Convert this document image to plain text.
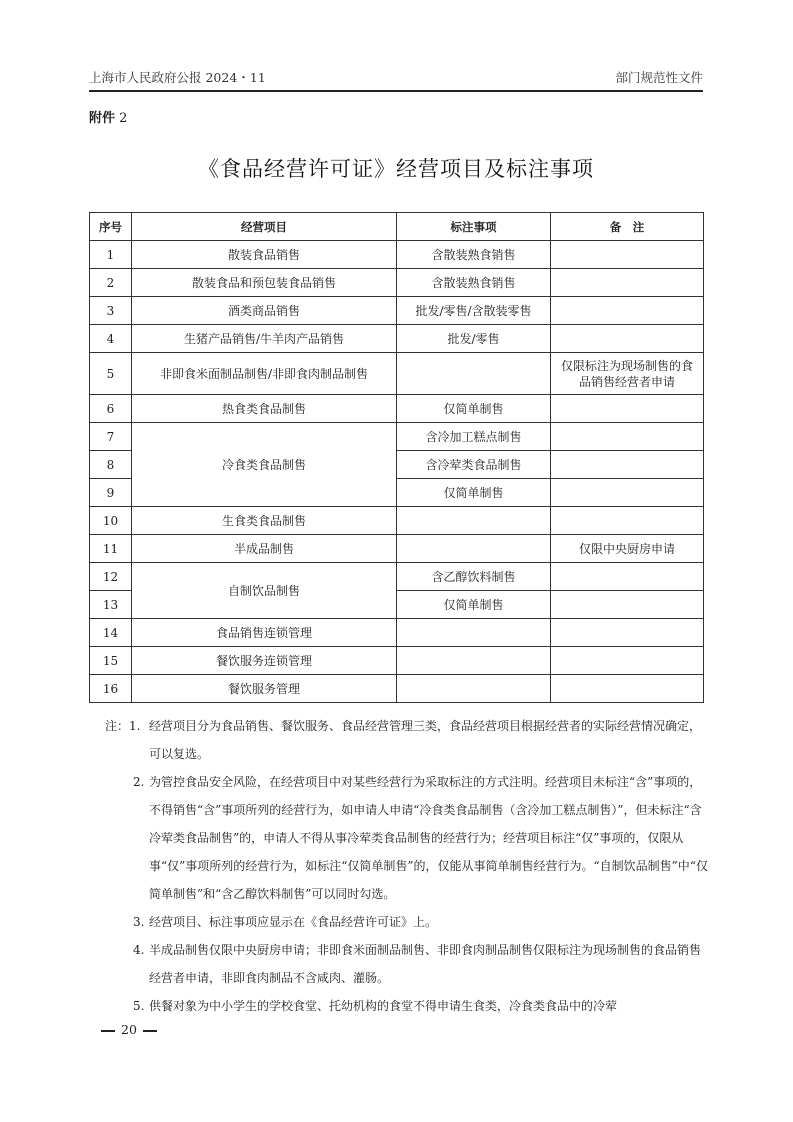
上海市人民政府公报 2024・11	部门规范性文件
附件 2
《食品经营许可证》经营项目及标注事项
序号	经营项目	标注事项	备　注
1	散装食品销售	含散装熟食销售	
2	散装食品和预包装食品销售	含散装熟食销售	
3	酒类商品销售	批发/零售/含散装零售	
4	生猪产品销售/牛羊肉产品销售	批发/零售	
5	非即食米面制品制售/非即食肉制品制售		仅限标注为现场制售的食品销售经营者申请
6	热食类食品制售	仅简单制售	
7	冷食类食品制售	含冷加工糕点制售	
8		含冷荤类食品制售	
9		仅简单制售	
10	生食类食品制售		
11	半成品制售		仅限中央厨房申请
12	自制饮品制售	含乙醇饮料制售	
13		仅简单制售	
14	食品销售连锁管理		
15	餐饮服务连锁管理		
16	餐饮服务管理		
注：1. 经营项目分为食品销售、餐饮服务、食品经营管理三类，食品经营项目根据经营者的实际经营情况确定，可以复选。
2. 为管控食品安全风险，在经营项目中对某些经营行为采取标注的方式注明。经营项目未标注“含”事项的，不得销售“含”事项所列的经营行为，如申请人申请“冷食类食品制售（含冷加工糕点制售）”，但未标注“含冷荤类食品制售”的，申请人不得从事冷荤类食品制售的经营行为；经营项目标注“仅”事项的，仅限从事“仅”事项所列的经营行为，如标注“仅简单制售”的，仅能从事简单制售经营行为。“自制饮品制售”中“仅简单制售”和“含乙醇饮料制售”可以同时勾选。
3. 经营项目、标注事项应显示在《食品经营许可证》上。
4. 半成品制售仅限中央厨房申请；非即食米面制品制售、非即食肉制品制售仅限标注为现场制售的食品销售经营者申请，非即食肉制品不含咸肉、灌肠。
5. 供餐对象为中小学生的学校食堂、托幼机构的食堂不得申请生食类，冷食类食品中的冷荤
20
